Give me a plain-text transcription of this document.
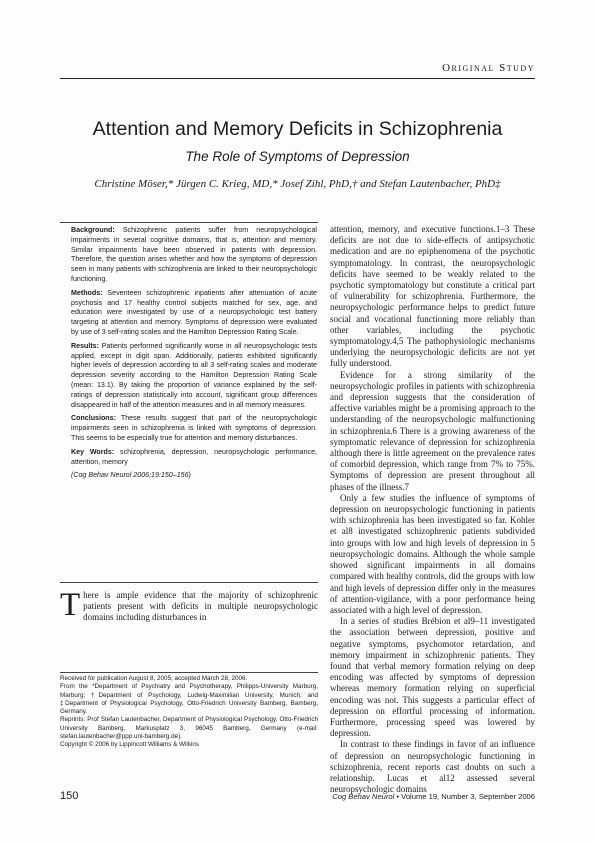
Original Study
Attention and Memory Deficits in Schizophrenia
The Role of Symptoms of Depression
Christine Möser,* Jürgen C. Krieg, MD,* Josef Zihl, PhD,† and Stefan Lautenbacher, PhD‡

Background: Schizophrenic patients suffer from neuropsychological impairments in several cognitive domains, that is, attention and memory. Similar impairments have been observed in patients with depression. Therefore, the question arises whether and how the symptoms of depression seen in many patients with schizophrenia are linked to their neuropsychologic functioning.

Methods: Seventeen schizophrenic inpatients after attenuation of acute psychosis and 17 healthy control subjects matched for sex, age, and education were investigated by use of a neuropsychologic test battery targeting at attention and memory. Symptoms of depression were evaluated by use of 3 self-rating scales and the Hamilton Depression Rating Scale.

Results: Patients performed significantly worse in all neuropsychologic tests applied, except in digit span. Additionally, patients exhibited significantly higher levels of depression according to all 3 self-rating scales and moderate depression severity according to the Hamilton Depression Rating Scale (mean: 13.1). By taking the proportion of variance explained by the self-ratings of depression statistically into account, significant group differences disappeared in half of the attention measures and in all memory measures.

Conclusions: These results suggest that part of the neuropsychologic impairments seen in schizophrenia is linked with symptoms of depression. This seems to be especially true for attention and memory disturbances.

Key Words: schizophrenia, depression, neuropsychologic performance, attention, memory

(Cog Behav Neurol 2006;19:150–156)

There is ample evidence that the majority of schizophrenic patients present with deficits in multiple neuropsychologic domains including disturbances in

Received for publication August 8, 2005; accepted March 28, 2006.

From the *Department of Psychiatry and Psychotherapy, Philipps-University Marburg, Marburg; †Department of Psychology, Ludwig-Maximilian University, Munich; and ‡Department of Physiological Psychology, Otto-Friedrich University Bamberg, Bamberg, Germany.

Reprints: Prof Stefan Lautenbacher, Department of Physiological Psychology, Otto-Friedrich University Bamberg, Markusplatz 3, 96045 Bamberg, Germany (e-mail: stefan.lautenbacher@ppp.uni-bamberg.de).

Copyright © 2006 by Lippincott Williams & Wilkins

attention, memory, and executive functions.1–3 These deficits are not due to side-effects of antipsychotic medication and are no epiphenomena of the psychotic symptomatology. In contrast, the neuropsychologic deficits have seemed to be weakly related to the psychotic symptomatology but constitute a critical part of vulnerability for schizophrenia. Furthermore, the neuropsychologic performance helps to predict future social and vocational functioning more reliably than other variables, including the psychotic symptomatology.4,5 The pathophysiologic mechanisms underlying the neuropsychologic deficits are not yet fully understood.

Evidence for a strong similarity of the neuropsychologic profiles in patients with schizophrenia and depression suggests that the consideration of affective variables might be a promising approach to the understanding of the neuropsychologic malfunctioning in schizophrenia.6 There is a growing awareness of the symptomatic relevance of depression for schizophrenia although there is little agreement on the prevalence rates of comorbid depression, which range from 7% to 75%. Symptoms of depression are present throughout all phases of the illness.7

Only a few studies the influence of symptoms of depression on neuropsychologic functioning in patients with schizophrenia has been investigated so far. Kohler et al8 investigated schizophrenic patients subdivided into groups with low and high levels of depression in 5 neuropsychologic domains. Although the whole sample showed significant impairments in all domains compared with healthy controls, did the groups with low and high levels of depression differ only in the measures of attention-vigilance, with a poor performance being associated with a high level of depression.

In a series of studies Brébion et al9–11 investigated the association between depression, positive and negative symptoms, psychomotor retardation, and memory impairment in schizophrenic patients. They found that verbal memory formation relying on deep encoding was affected by symptoms of depression whereas memory formation relying on superficial encoding was not. This suggests a particular effect of depression on effortful processing of information. Furthermore, processing speed was lowered by depression.

In contrast to these findings in favor of an influence of depression on neuropsychologic functioning in schizophrenia, recent reports cast doubts on such a relationship. Lucas et al12 assessed several neuropsychologic domains

150	Cog Behav Neurol • Volume 19, Number 3, September 2006
